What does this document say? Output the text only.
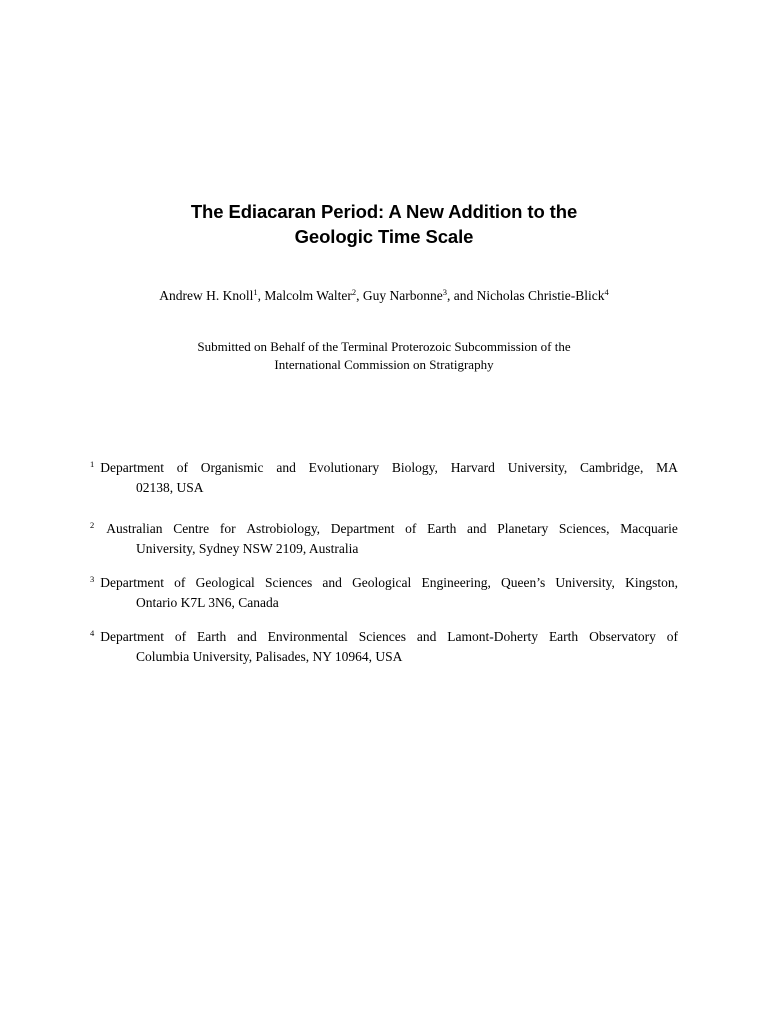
The Ediacaran Period: A New Addition to the
Geologic Time Scale
Andrew H. Knoll$^1$, Malcolm Walter$^2$, Guy Narbonne$^3$, and Nicholas Christie-Blick$^4$
Submitted on Behalf of the Terminal Proterozoic Subcommission of the
International Commission on Stratigraphy
$^1$ Department of Organismic and Evolutionary Biology, Harvard University, Cambridge, MA
02138, USA
$^2$ Australian Centre for Astrobiology, Department of Earth and Planetary Sciences, Macquarie
University, Sydney NSW 2109, Australia
$^3$ Department of Geological Sciences and Geological Engineering, Queen’s University, Kingston,
Ontario K7L 3N6, Canada
$^4$ Department of Earth and Environmental Sciences and Lamont-Doherty Earth Observatory of
Columbia University, Palisades, NY 10964, USA
